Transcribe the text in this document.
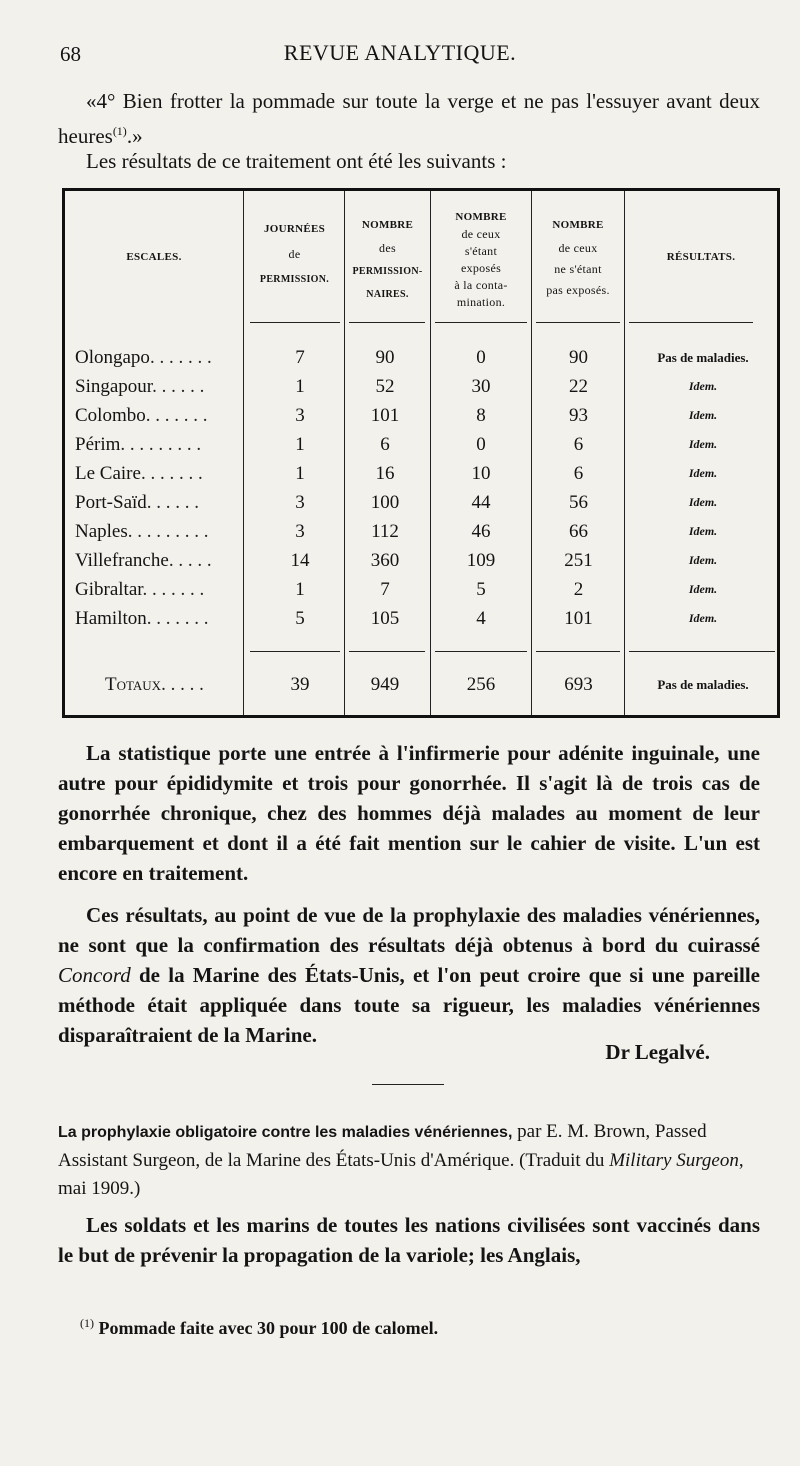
68	REVUE ANALYTIQUE.
«4° Bien frotter la pommade sur toute la verge et ne pas l'essuyer avant deux heures$^{(1)}$.»
Les résultats de ce traitement ont été les suivants :
ESCALES.
JOURNÉES
de
PERMISSION.
NOMBRE
des
PERMISSION-
NAIRES.
NOMBRE
de ceux
s'étant
exposés
à la conta-
mination.
NOMBRE
de ceux
ne s'étant
pas exposés.
RÉSULTATS.
Olongapo. . . . . . .	7	90	0	90	Pas de maladies.
Singapour. . . . . .	1	52	30	22	Idem.
Colombo. . . . . . .	3	101	8	93	Idem.
Périm. . . . . . . . .	1	6	0	6	Idem.
Le Caire. . . . . . .	1	16	10	6	Idem.
Port-Saïd. . . . . .	3	100	44	56	Idem.
Naples. . . . . . . . .	3	112	46	66	Idem.
Villefranche. . . . .	14	360	109	251	Idem.
Gibraltar. . . . . . .	1	7	5	2	Idem.
Hamilton. . . . . . .	5	105	4	101	Idem.
Totaux. . . . .	39	949	256	693	Pas de maladies.
La statistique porte une entrée à l'infirmerie pour adénite inguinale, une autre pour épididymite et trois pour gonorrhée. Il s'agit là de trois cas de gonorrhée chronique, chez des hommes déjà malades au moment de leur embarquement et dont il a été fait mention sur le cahier de visite. L'un est encore en traitement.
Ces résultats, au point de vue de la prophylaxie des maladies vénériennes, ne sont que la confirmation des résultats déjà obtenus à bord du cuirassé Concord de la Marine des États-Unis, et l'on peut croire que si une pareille méthode était appliquée dans toute sa rigueur, les maladies vénériennes disparaîtraient de la Marine.
Dr Legalvé.
La prophylaxie obligatoire contre les maladies vénériennes, par E. M. Brown, Passed Assistant Surgeon, de la Marine des États-Unis d'Amérique. (Traduit du Military Surgeon, mai 1909.)
Les soldats et les marins de toutes les nations civilisées sont vaccinés dans le but de prévenir la propagation de la variole; les Anglais,
$^{(1)}$ Pommade faite avec 30 pour 100 de calomel.
